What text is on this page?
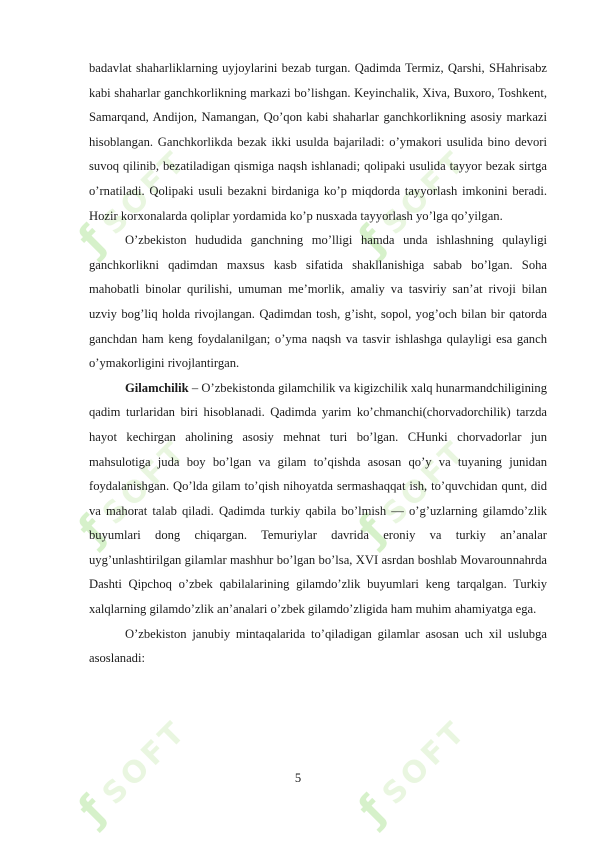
ƒSOFT	ƒSOFT
ƒSOFT	ƒSOFT
ƒSOFT	ƒSOFT

badavlat shaharliklarning uyjoylarini bezab turgan. Qadimda Termiz, Qarshi, SHahrisabz kabi shaharlar ganchkorlikning markazi bo’lishgan. Keyinchalik, Xiva, Buxoro, Toshkent, Samarqand, Andijon, Namangan, Qo’qon kabi shaharlar ganchkorlikning asosiy markazi hisoblangan. Ganchkorlikda bezak ikki usulda bajariladi: o’ymakori usulida bino devori suvoq qilinib, bezatiladigan qismiga naqsh ishlanadi; qolipaki usulida tayyor bezak sirtga o’rnatiladi. Qolipaki usuli bezakni birdaniga ko’p miqdorda tayyorlash imkonini beradi. Hozir korxonalarda qoliplar yordamida ko’p nusxada tayyorlash yo’lga qo’yilgan.

O’zbekiston hududida ganchning mo’lligi hamda unda ishlashning qulayligi ganchkorlikni qadimdan maxsus kasb sifatida shakllanishiga sabab bo’lgan. Soha mahobatli binolar qurilishi, umuman me’morlik, amaliy va tasviriy san’at rivoji bilan uzviy bog’liq holda rivojlangan. Qadimdan tosh, g’isht, sopol, yog’och bilan bir qatorda ganchdan ham keng foydalanilgan; o’yma naqsh va tasvir ishlashga qulayligi esa ganch o’ymakorligini rivojlantirgan.

Gilamchilik – O’zbekistonda gilamchilik va kigizchilik xalq hunarmandchiligining qadim turlaridan biri hisoblanadi. Qadimda yarim ko’chmanchi(chorvadorchilik) tarzda hayot kechirgan aholining asosiy mehnat turi bo’lgan. CHunki chorvadorlar jun mahsulotiga juda boy bo’lgan va gilam to’qishda asosan qo’y va tuyaning junidan foydalanishgan. Qo’lda gilam to’qish nihoyatda sermashaqqat ish, to’quvchidan qunt, did va mahorat talab qiladi. Qadimda turkiy qabila bo’lmish — o’g’uzlarning gilamdo’zlik buyumlari dong chiqargan. Temuriylar davrida eroniy va turkiy an’analar uyg’unlashtirilgan gilamlar mashhur bo’lgan bo’lsa, XVI asrdan boshlab Movarounnahrda Dashti Qipchoq o’zbek qabilalarining gilamdo’zlik buyumlari keng tarqalgan. Turkiy xalqlarning gilamdo’zlik an’analari o’zbek gilamdo’zligida ham muhim ahamiyatga ega.

O’zbekiston janubiy mintaqalarida to’qiladigan gilamlar asosan uch xil uslubga asoslanadi:

5
